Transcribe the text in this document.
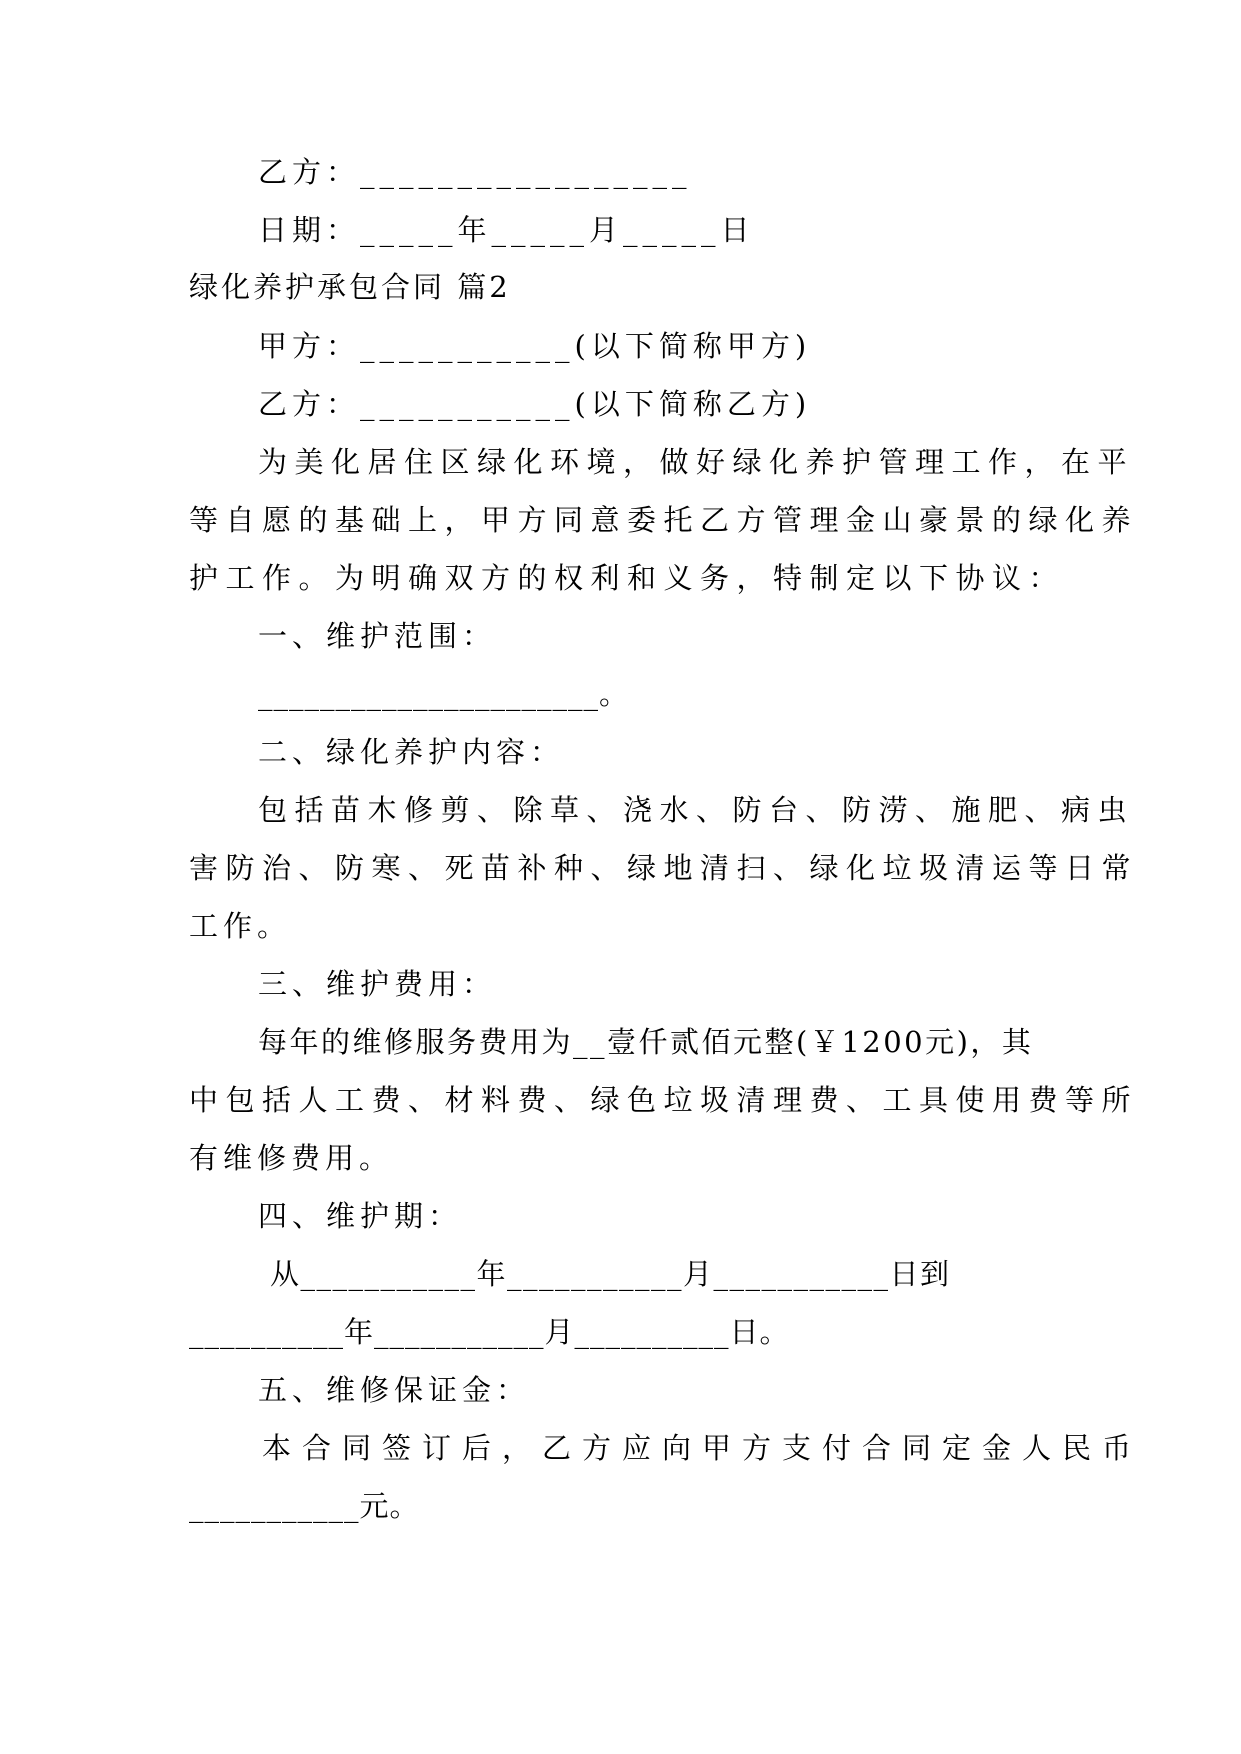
乙方：_________________
日期：_____年_____月_____日
绿化养护承包合同 篇2
甲方：___________(以下简称甲方)
乙方：___________(以下简称乙方)
为美化居住区绿化环境，做好绿化养护管理工作，在平
等自愿的基础上，甲方同意委托乙方管理金山豪景的绿化养
护工作。为明确双方的权利和义务，特制定以下协议：
一、维护范围：
______________________。
二、绿化养护内容：
包括苗木修剪、除草、浇水、防台、防涝、施肥、病虫
害防治、防寒、死苗补种、绿地清扫、绿化垃圾清运等日常
工作。
三、维护费用：
每年的维修服务费用为__壹仟贰佰元整(￥1200元)，其
中包括人工费、材料费、绿色垃圾清理费、工具使用费等所
有维修费用。
四、维护期：
从___________年___________月___________日到
__________年___________月__________日。
五、维修保证金：
本合同签订后，乙方应向甲方支付合同定金人民币
___________元。
